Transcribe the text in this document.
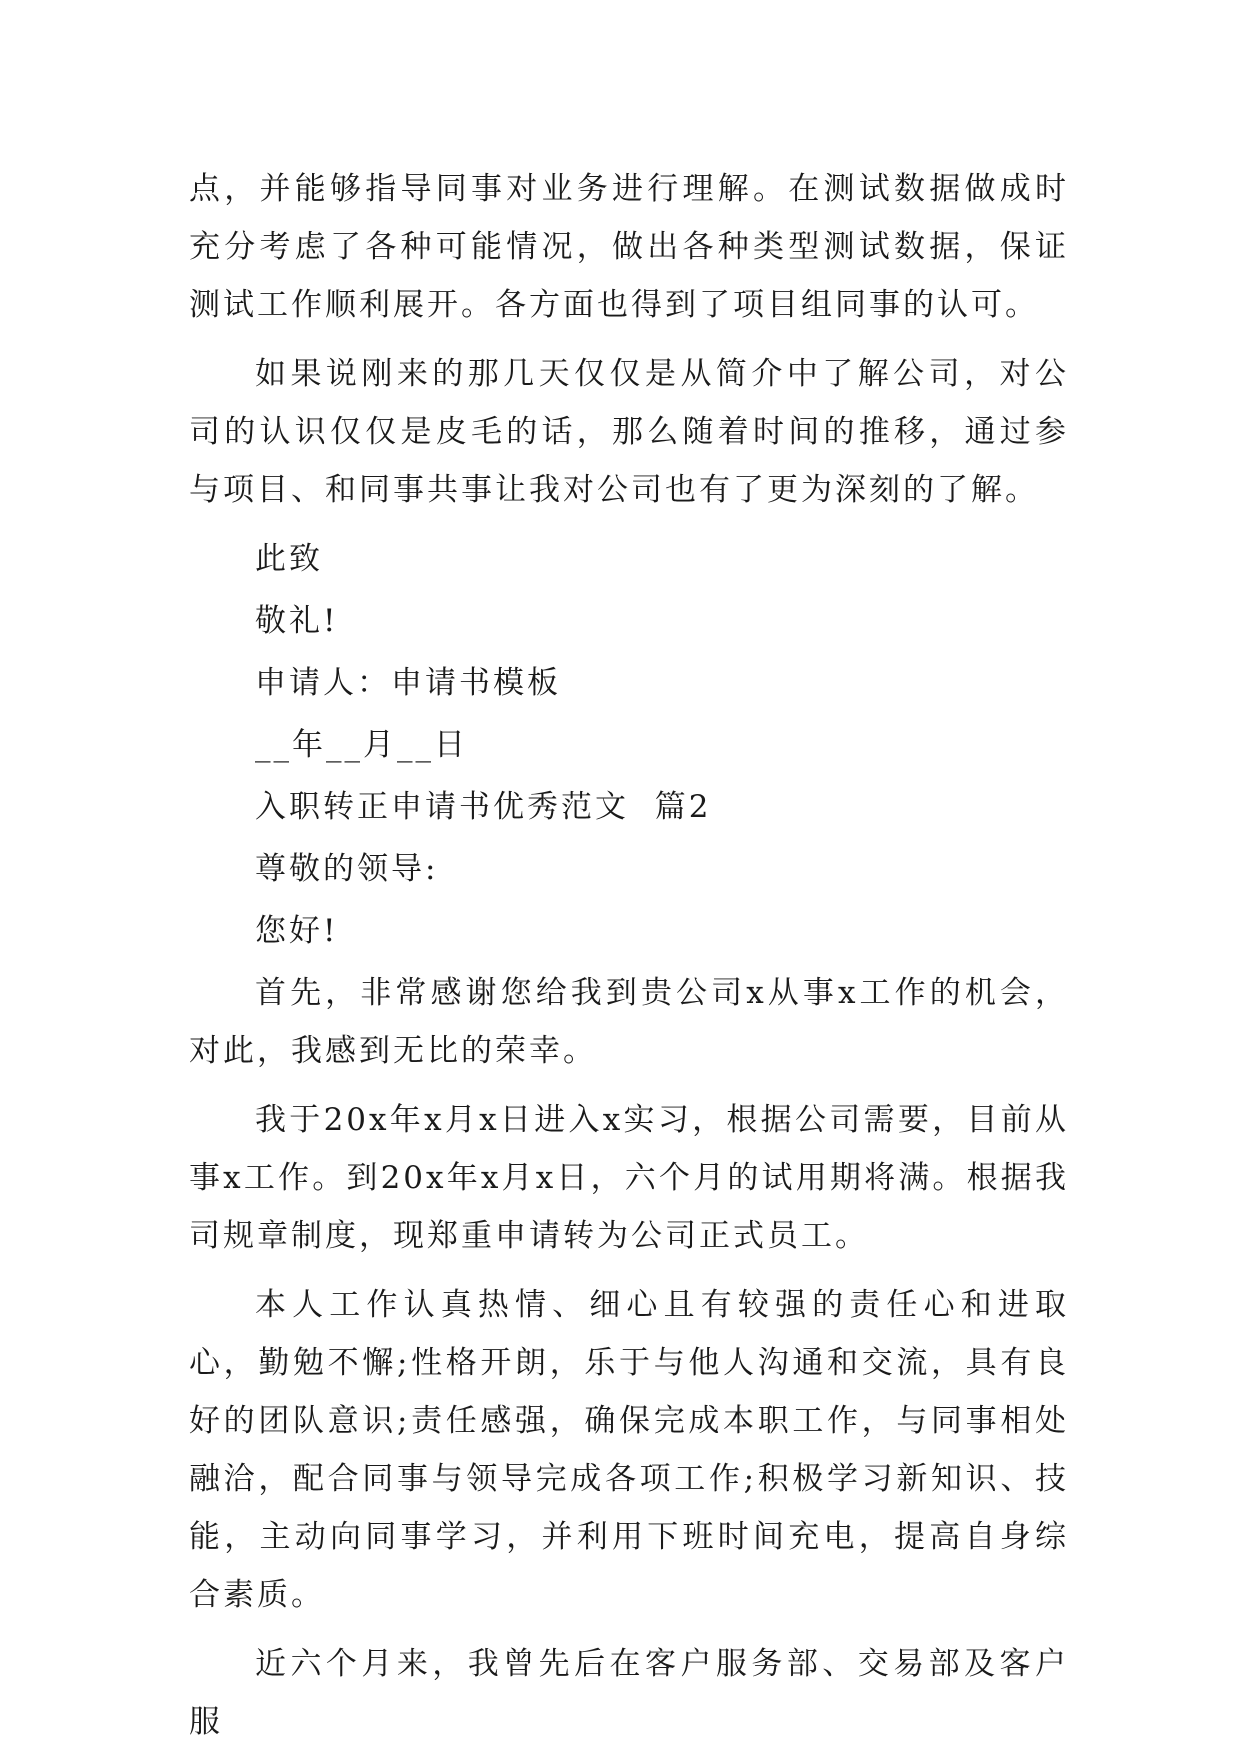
点，并能够指导同事对业务进行理解。在测试数据做成时充分考虑了各种可能情况，做出各种类型测试数据，保证测试工作顺利展开。各方面也得到了项目组同事的认可。

如果说刚来的那几天仅仅是从简介中了解公司，对公司的认识仅仅是皮毛的话，那么随着时间的推移，通过参与项目、和同事共事让我对公司也有了更为深刻的了解。

此致
敬礼!
申请人：申请书模板
__年__月__日
入职转正申请书优秀范文  篇2
尊敬的领导:
您好!

首先，非常感谢您给我到贵公司x从事x工作的机会，对此，我感到无比的荣幸。

我于20x年x月x日进入x实习，根据公司需要，目前从事x工作。到20x年x月x日，六个月的试用期将满。根据我司规章制度，现郑重申请转为公司正式员工。

本人工作认真热情、细心且有较强的责任心和进取心，勤勉不懈;性格开朗，乐于与他人沟通和交流，具有良好的团队意识;责任感强，确保完成本职工作，与同事相处融洽，配合同事与领导完成各项工作;积极学习新知识、技能，主动向同事学习，并利用下班时间充电，提高自身综合素质。

近六个月来，我曾先后在客户服务部、交易部及客户服
